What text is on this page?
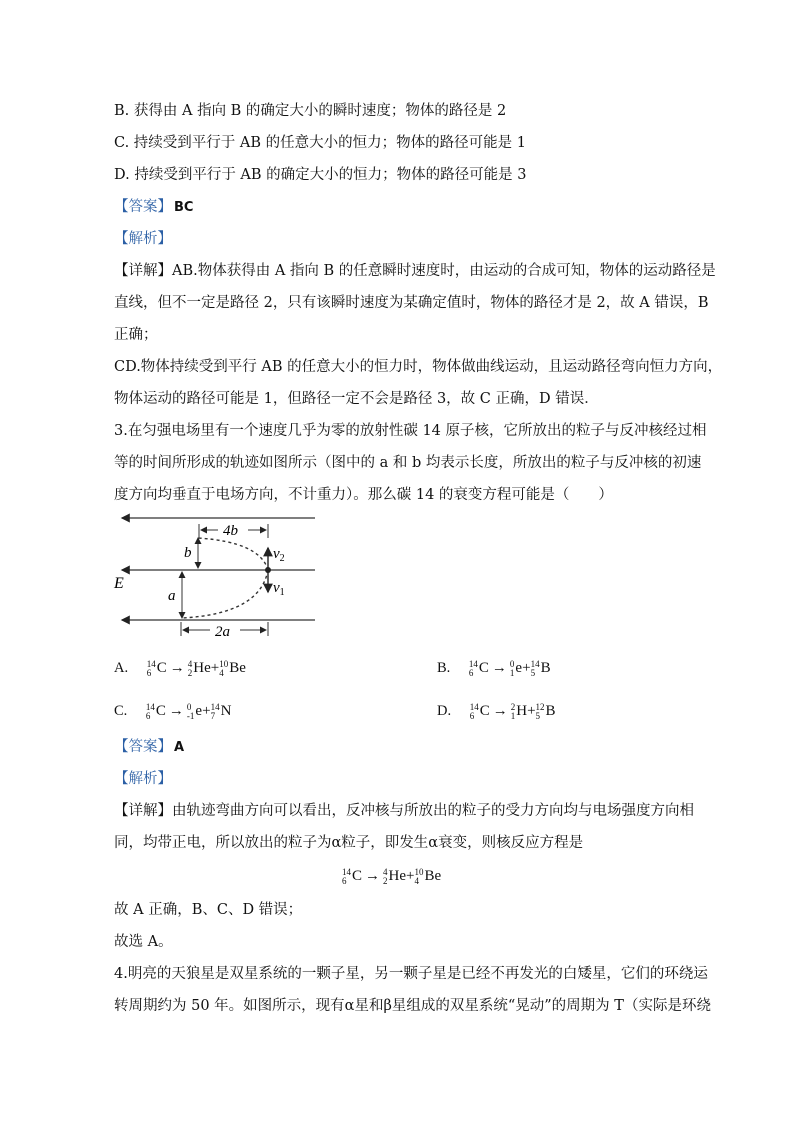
B. 获得由 A 指向 B 的确定大小的瞬时速度；物体的路径是 2
C. 持续受到平行于 AB 的任意大小的恒力；物体的路径可能是 1
D. 持续受到平行于 AB 的确定大小的恒力；物体的路径可能是 3
【答案】 BC
【解析】
【详解】AB.物体获得由 A 指向 B 的任意瞬时速度时，由运动的合成可知，物体的运动路径是
直线，但不一定是路径 2，只有该瞬时速度为某确定值时，物体的路径才是 2，故 A 错误，B
正确；
CD.物体持续受到平行 AB 的任意大小的恒力时，物体做曲线运动，且运动路径弯向恒力方向，
物体运动的路径可能是 1，但路径一定不会是路径 3，故 C 正确，D 错误．
3.在匀强电场里有一个速度几乎为零的放射性碳 14 原子核，它所放出的粒子与反冲核经过相
等的时间所形成的轨迹如图所示（图中的 a 和 b 均表示长度，所放出的粒子与反冲核的初速
度方向均垂直于电场方向，不计重力）。那么碳 14 的衰变方程可能是（　　）
4b
2a
b
a
$v_2$
$v_1$
E
A. 14
6 C → 4
2 He+ 10
4 Be	B. 14
6 C → 0
1 e+ 14
5 B
C. 14
6 C → 0
-1 e+ 14
7 N	D. 14
6 C → 2
1 H+ 12
5 B
【答案】 A
【解析】
【详解】由轨迹弯曲方向可以看出，反冲核与所放出的粒子的受力方向均与电场强度方向相
同，均带正电，所以放出的粒子为α粒子，即发生α衰变，则核反应方程是
14
6 C → 4
2 He+ 10
4 Be
故 A 正确，B、C、D 错误；
故选 A。
4.明亮的天狼星是双星系统的一颗子星，另一颗子星是已经不再发光的白矮星，它们的环绕运
转周期约为 50 年。如图所示，现有α星和β星组成的双星系统“晃动”的周期为 T（实际是环绕
